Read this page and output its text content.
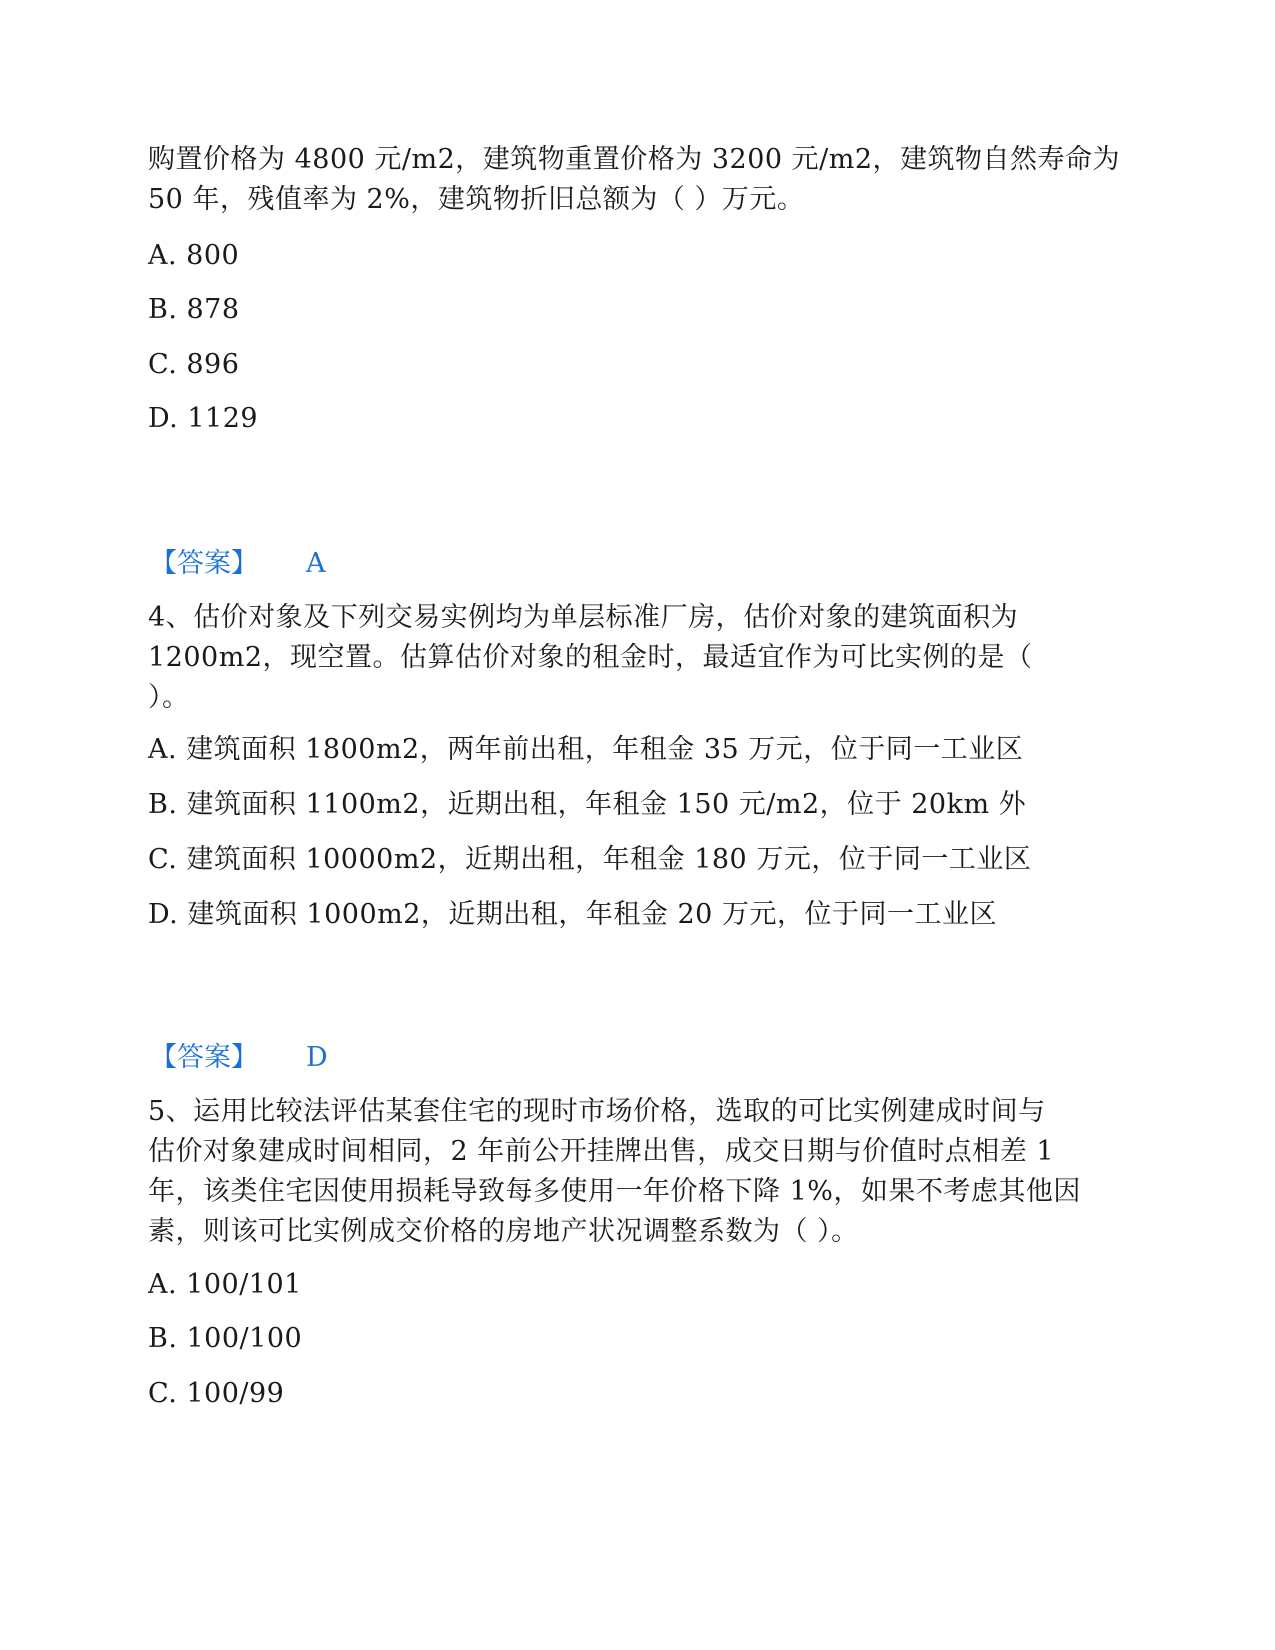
购置价格为 4800 元/m2，建筑物重置价格为 3200 元/m2，建筑物自然寿命为
50 年，残值率为 2%，建筑物折旧总额为（ ）万元。
A. 800
B. 878
C. 896
D. 1129
【答案】 A
4、估价对象及下列交易实例均为单层标准厂房，估价对象的建筑面积为
1200m2，现空置。估算估价对象的租金时，最适宜作为可比实例的是（
）。
A. 建筑面积 1800m2，两年前出租，年租金 35 万元，位于同一工业区
B. 建筑面积 1100m2，近期出租，年租金 150 元/m2，位于 20km 外
C. 建筑面积 10000m2，近期出租，年租金 180 万元，位于同一工业区
D. 建筑面积 1000m2，近期出租，年租金 20 万元，位于同一工业区
【答案】 D
5、运用比较法评估某套住宅的现时市场价格，选取的可比实例建成时间与
估价对象建成时间相同，2 年前公开挂牌出售，成交日期与价值时点相差 1
年，该类住宅因使用损耗导致每多使用一年价格下降 1%，如果不考虑其他因
素，则该可比实例成交价格的房地产状况调整系数为（ ）。
A. 100/101
B. 100/100
C. 100/99
